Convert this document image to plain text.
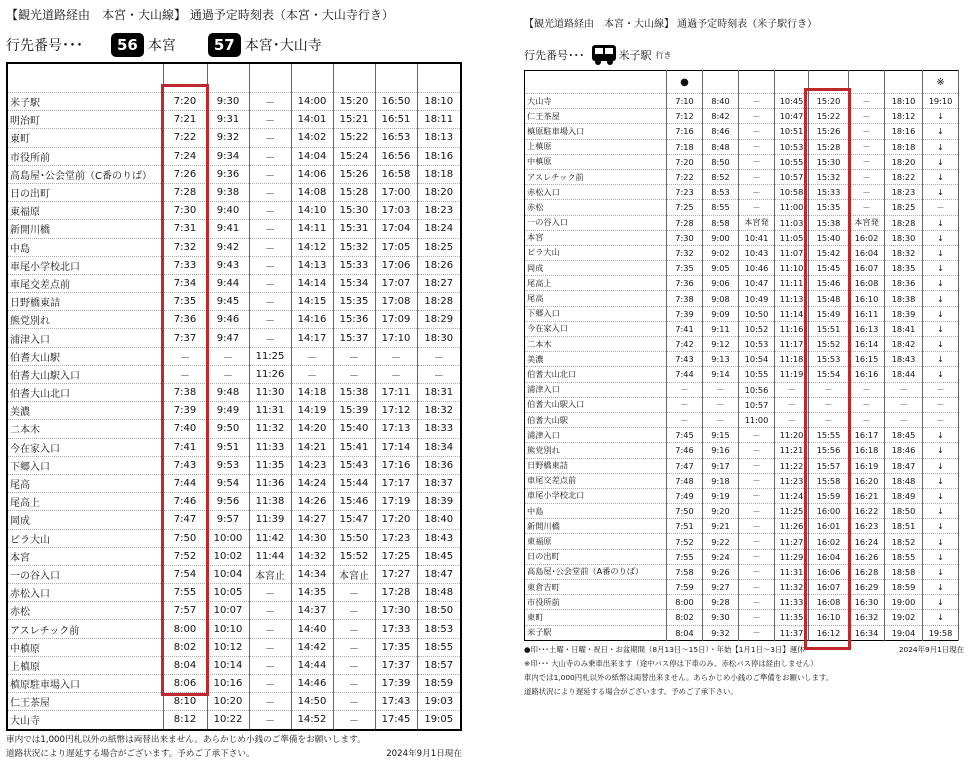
【観光道路経由　本宮・大山線】 通過予定時刻表（本宮・大山寺行き）
行先番号･･･	56 本宮	57 本宮･大山寺

米子駅	7:20	9:30	－	14:00	15:20	16:50	18:10
明治町	7:21	9:31	－	14:01	15:21	16:51	18:11
東町	7:22	9:32	－	14:02	15:22	16:53	18:13
市役所前	7:24	9:34	－	14:04	15:24	16:56	18:16
高島屋･公会堂前（C番のりば）	7:26	9:36	－	14:06	15:26	16:58	18:18
日の出町	7:28	9:38	－	14:08	15:28	17:00	18:20
東福原	7:30	9:40	－	14:10	15:30	17:03	18:23
新開川橋	7:31	9:41	－	14:11	15:31	17:04	18:24
中島	7:32	9:42	－	14:12	15:32	17:05	18:25
車尾小学校北口	7:33	9:43	－	14:13	15:33	17:06	18:26
車尾交差点前	7:34	9:44	－	14:14	15:34	17:07	18:27
日野橋東詰	7:35	9:45	－	14:15	15:35	17:08	18:28
熊党別れ	7:36	9:46	－	14:16	15:36	17:09	18:29
浦津入口	7:37	9:47	－	14:17	15:37	17:10	18:30
伯耆大山駅	－	－	11:25	－	－	－	－
伯耆大山駅入口	－	－	11:26	－	－	－	－
伯耆大山北口	7:38	9:48	11:30	14:18	15:38	17:11	18:31
美濃	7:39	9:49	11:31	14:19	15:39	17:12	18:32
二本木	7:40	9:50	11:32	14:20	15:40	17:13	18:33
今在家入口	7:41	9:51	11:33	14:21	15:41	17:14	18:34
下郷入口	7:43	9:53	11:35	14:23	15:43	17:16	18:36
尾高	7:44	9:54	11:36	14:24	15:44	17:17	18:37
尾高上	7:46	9:56	11:38	14:26	15:46	17:19	18:39
岡成	7:47	9:57	11:39	14:27	15:47	17:20	18:40
ピラ大山	7:50	10:00	11:42	14:30	15:50	17:23	18:43
本宮	7:52	10:02	11:44	14:32	15:52	17:25	18:45
一の谷入口	7:54	10:04	本宮止	14:34	本宮止	17:27	18:47
赤松入口	7:55	10:05	－	14:35	－	17:28	18:48
赤松	7:57	10:07	－	14:37	－	17:30	18:50
アスレチック前	8:00	10:10	－	14:40	－	17:33	18:53
中槙原	8:02	10:12	－	14:42	－	17:35	18:55
上槙原	8:04	10:14	－	14:44	－	17:37	18:57
槙原駐車場入口	8:06	10:16	－	14:46	－	17:39	18:59
仁王茶屋	8:10	10:20	－	14:50	－	17:43	19:03
大山寺	8:12	10:22	－	14:52	－	17:45	19:05
車内では1,000円札以外の紙幣は両替出来ません。あらかじめ小銭のご準備をお願いします。
道路状況により遅延する場合がございます。予めご了承下さい。	2024年9月1日現在
【観光道路経由　本宮・大山線】 通過予定時刻表（米子駅行き）
行先番号･･･	米子駅 行き
	●							※
大山寺	7:10	8:40	－	10:45	15:20	－	18:10	19:10
仁王茶屋	7:12	8:42	－	10:47	15:22	－	18:12	↓
槙原駐車場入口	7:16	8:46	－	10:51	15:26	－	18:16	↓
上槙原	7:18	8:48	－	10:53	15:28	－	18:18	↓
中槙原	7:20	8:50	－	10:55	15:30	－	18:20	↓
アスレチック前	7:22	8:52	－	10:57	15:32	－	18:22	↓
赤松入口	7:23	8:53	－	10:58	15:33	－	18:23	↓
赤松	7:25	8:55	－	11:00	15:35	－	18:25	－
一の谷入口	7:28	8:58	本宮発	11:03	15:38	本宮発	18:28	↓
本宮	7:30	9:00	10:41	11:05	15:40	16:02	18:30	↓
ピラ大山	7:32	9:02	10:43	11:07	15:42	16:04	18:32	↓
岡成	7:35	9:05	10:46	11:10	15:45	16:07	18:35	↓
尾高上	7:36	9:06	10:47	11:11	15:46	16:08	18:36	↓
尾高	7:38	9:08	10:49	11:13	15:48	16:10	18:38	↓
下郷入口	7:39	9:09	10:50	11:14	15:49	16:11	18:39	↓
今在家入口	7:41	9:11	10:52	11:16	15:51	16:13	18:41	↓
二本木	7:42	9:12	10:53	11:17	15:52	16:14	18:42	↓
美濃	7:43	9:13	10:54	11:18	15:53	16:15	18:43	↓
伯耆大山北口	7:44	9:14	10:55	11:19	15:54	16:16	18:44	↓
浦津入口	－	－	10:56	－	－	－	－	－
伯耆大山駅入口	－	－	10:57	－	－	－	－	－
伯耆大山駅	－	－	11:00	－	－	－	－	－
浦津入口	7:45	9:15	－	11:20	15:55	16:17	18:45	↓
熊党別れ	7:46	9:16	－	11:21	15:56	16:18	18:46	↓
日野橋東詰	7:47	9:17	－	11:22	15:57	16:19	18:47	↓
車尾交差点前	7:48	9:18	－	11:23	15:58	16:20	18:48	↓
車尾小学校北口	7:49	9:19	－	11:24	15:59	16:21	18:49	↓
中島	7:50	9:20	－	11:25	16:00	16:22	18:50	↓
新開川橋	7:51	9:21	－	11:26	16:01	16:23	18:51	↓
東福原	7:52	9:22	－	11:27	16:02	16:24	18:52	↓
日の出町	7:55	9:24	－	11:29	16:04	16:26	18:55	↓
高島屋･公会堂前（A番のりば）	7:58	9:26	－	11:31	16:06	16:28	18:58	↓
東倉吉町	7:59	9:27	－	11:32	16:07	16:29	18:59	↓
市役所前	8:00	9:28	－	11:33	16:08	16:30	19:00	↓
東町	8:02	9:30	－	11:35	16:10	16:32	19:02	↓
米子駅	8:04	9:32	－	11:37	16:12	16:34	19:04	19:58
●印･･･土曜・日曜・祝日・お盆期間（8月13日～15日）・年始【1月1日～3日】運休	2024年9月1日現在
※印･･･ 大山寺のみ乗車出来ます（途中バス停は下車のみ。赤松バス停は経由しません）
車内では1,000円札以外の紙幣は両替出来ません。あらかじめ小銭のご準備をお願いします。
道路状況により遅延する場合がございます。予めご了承下さい。
